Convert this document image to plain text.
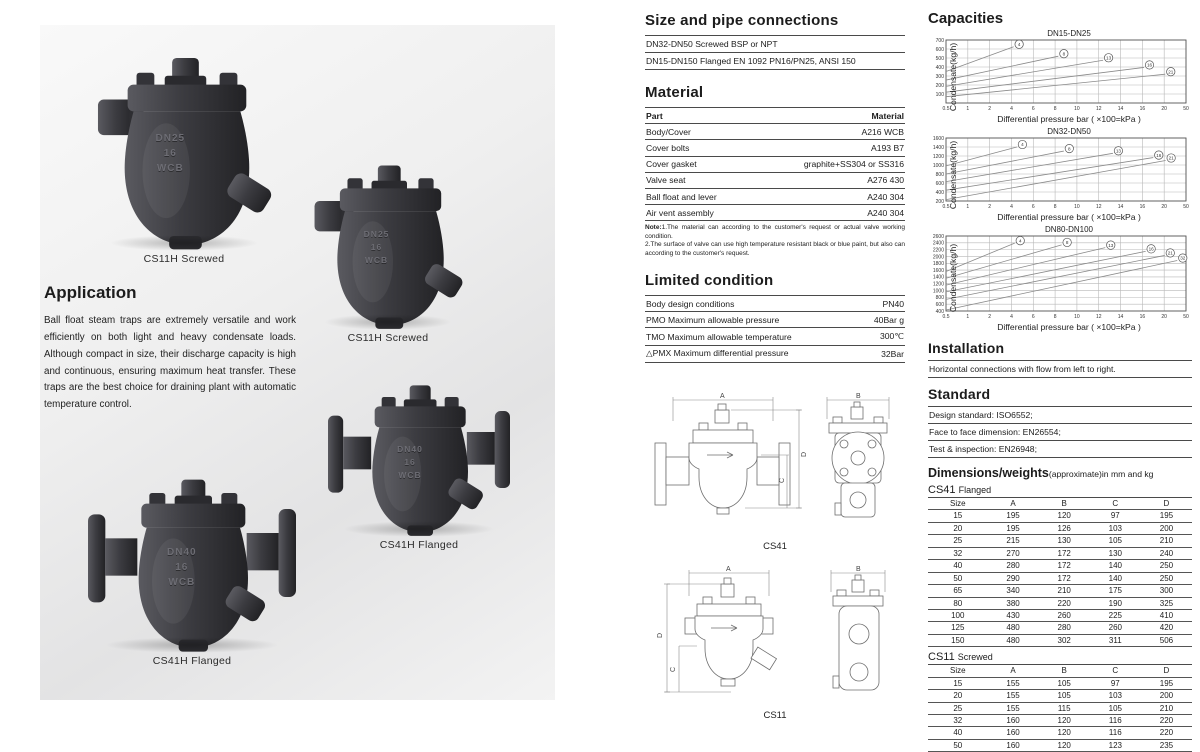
DN25
16
WCB
CS11H Screwed
DN25
16
WCB
CS11H Screwed
DN40
16
WCB
CS41H Flanged
DN40
16
WCB
CS41H Flanged
Application

Ball float steam traps are extremely versatile and work efficiently on both light and heavy condensate loads. Although compact in size, their discharge capacity is high and continuous, ensuring maximum heat transfer. These traps are the best choice for draining plant with automatic temperature control.

Size and pipe connections
DN32-DN50 Screwed BSP or NPT
DN15-DN150 Flanged EN 1092 PN16/PN25, ANSI 150
Material
Part	Material
Body/Cover	A216 WCB
Cover bolts	A193 B7
Cover gasket	graphite+SS304 or SS316
Valve seat	A276 430
Ball float and lever	A240 304
Air vent assembly	A240 304
Note:1.The material can according to the customer's request or actual valve working condition.
2.The surface of valve can use high temperature resistant black or blue paint, but also can according to the customer's request.
Limited condition
Body design conditions	PN40
PMO Maximum allowable pressure	40Bar g
TMO Maximum allowable temperature	300℃
△PMX Maximum differential pressure	32Bar
A
D
C

B
CS41
A
D
C

B
CS11
Capacities
DN15-DN25
Condensate(kg/h)
0.5	1	2	4	6	8	10	12	14	16	20	50
100
200
300
400
500
600
700
4
8
13
16
21
Differential pressure bar ( ×100=kPa )
DN32-DN50
Condensate(kg/h)
0.5	1	2	4	6	8	10	12	14	16	20	50
200
400
600
800
1000
1200
1400
1600
4
8	13
16
21
Differential pressure bar ( ×100=kPa )
DN80-DN100
Condensate(kg/h)
0.5	1	2	4	6	8	10	12	14	16	20	50
400
600
800
1000
1200
1400
1600
1800
2000
2200
2400
2600
4	8
13
16
21
32
Differential pressure bar ( ×100=kPa )
Installation
Horizontal connections with flow from left to right.
Standard
Design standard: ISO6552;
Face to face dimension: EN26554;
Test & inspection: EN26948;
Dimensions/weights(approximate)in mm and kg
CS41 Flanged
Size	A	B	C	D
15	195	120	97	195
20	195	126	103	200
25	215	130	105	210
32	270	172	130	240
40	280	172	140	250
50	290	172	140	250
65	340	210	175	300
80	380	220	190	325
100	430	260	225	410
125	480	280	260	420
150	480	302	311	506
CS11 Screwed
Size	A	B	C	D
15	155	105	97	195
20	155	105	103	200
25	155	115	105	210
32	160	120	116	220
40	160	120	116	220
50	160	120	123	235
